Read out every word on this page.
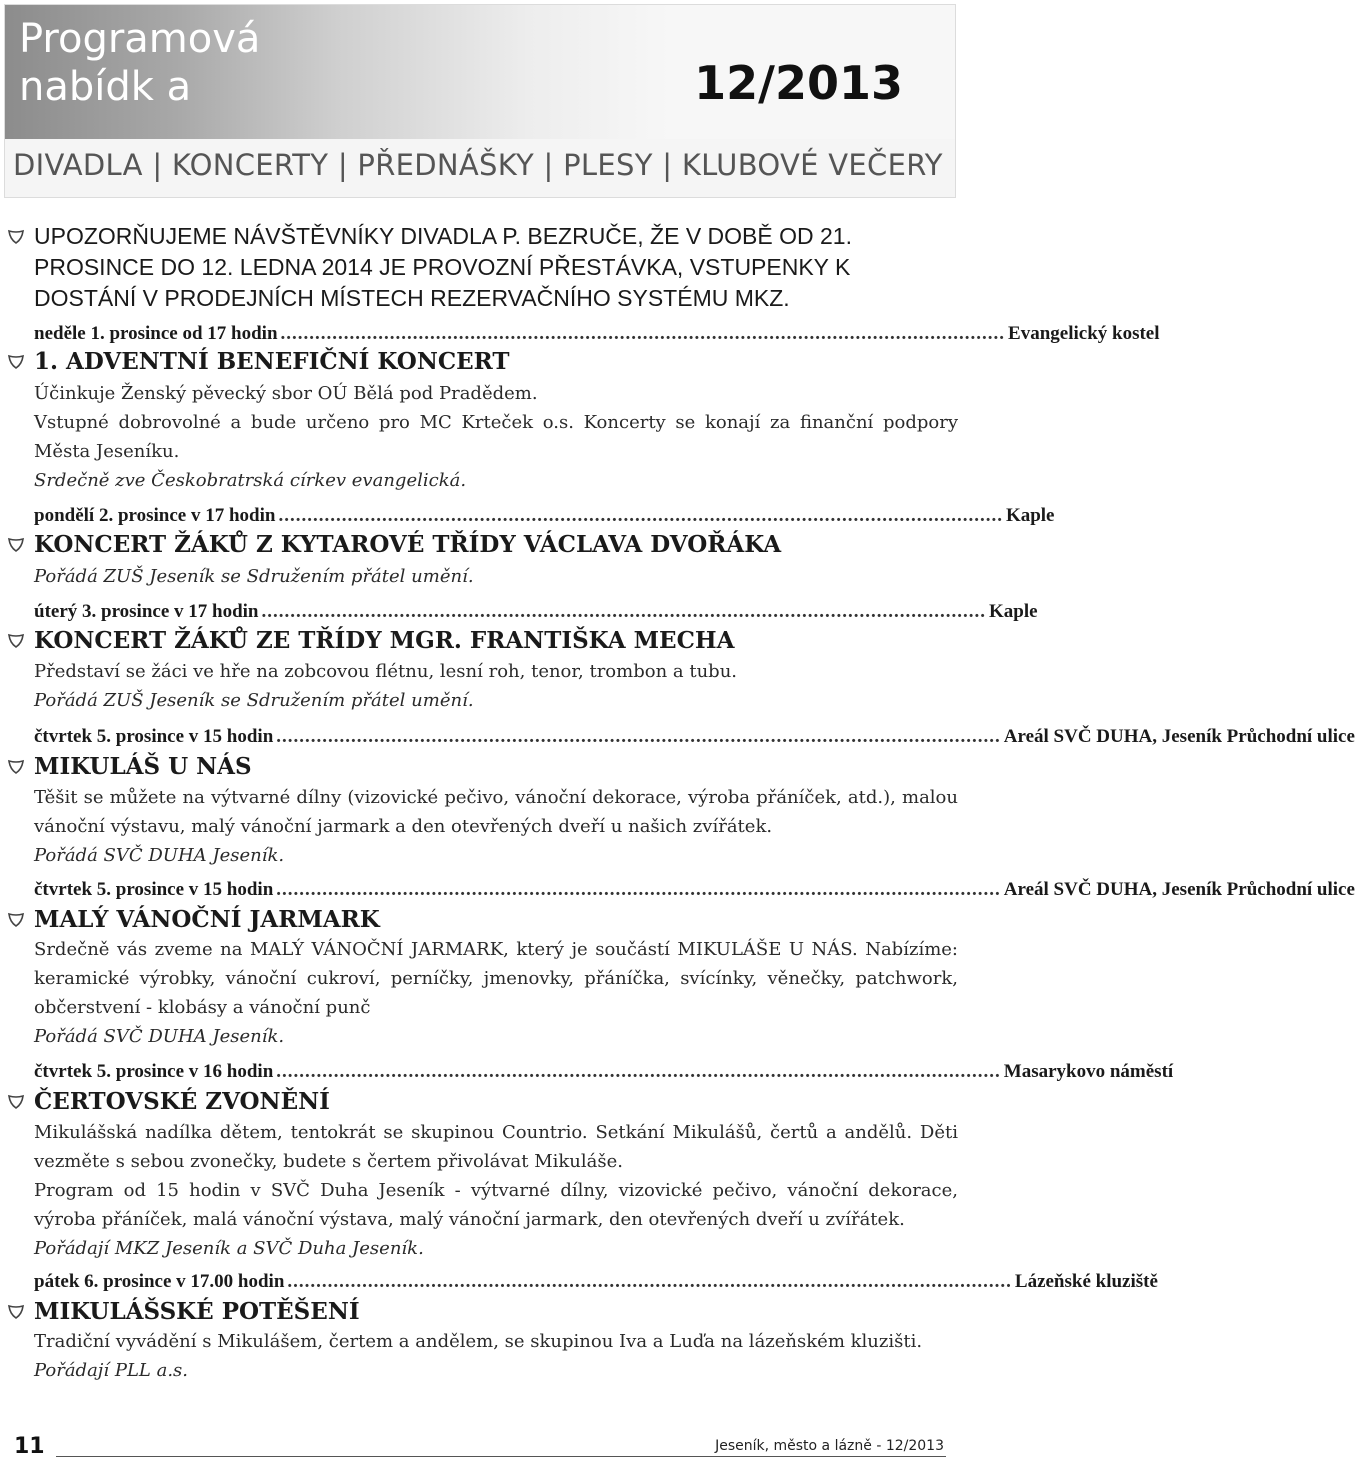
Programová
nabídk a	12/2013
DIVADLA | KONCERTY | PŘEDNÁŠKY | PLESY | KLUBOVÉ VEČERY
UPOZORŇUJEME NÁVŠTĚVNÍKY DIVADLA P. BEZRUČE, ŽE V DOBĚ OD 21. PROSINCE DO 12. LEDNA 2014 JE PROVOZNÍ PŘESTÁVKA, VSTUPENKY K DOSTÁNÍ V PRODEJNÍCH MÍSTECH REZERVAČNÍHO SYSTÉMU MKZ.
neděle 1. prosince od 17 hodin .............................................................................................................................. Evangelický kostel
1. ADVENTNÍ BENEFIČNÍ KONCERT

Účinkuje Ženský pěvecký sbor OÚ Bělá pod Pradědem.

Vstupné dobrovolné a bude určeno pro MC Krteček o.s. Koncerty se konají za finanční podpory Města Jeseníku.

Srdečně zve Českobratrská církev evangelická.

pondělí 2. prosince v 17 hodin .............................................................................................................................. Kaple
KONCERT ŽÁKŮ Z KYTAROVÉ TŘÍDY VÁCLAVA DVOŘÁKA

Pořádá ZUŠ Jeseník se Sdružením přátel umění.

úterý 3. prosince v 17 hodin .............................................................................................................................. Kaple
KONCERT ŽÁKŮ ZE TŘÍDY MGR. FRANTIŠKA MECHA

Představí se žáci ve hře na zobcovou flétnu, lesní roh, tenor, trombon a tubu.

Pořádá ZUŠ Jeseník se Sdružením přátel umění.

čtvrtek 5. prosince v 15 hodin .............................................................................................................................. Areál SVČ DUHA, Jeseník Průchodní ulice
MIKULÁŠ U NÁS

Těšit se můžete na výtvarné dílny (vizovické pečivo, vánoční dekorace, výroba přáníček, atd.), malou vánoční výstavu, malý vánoční jarmark a den otevřených dveří u našich zvířátek.

Pořádá SVČ DUHA Jeseník.

čtvrtek 5. prosince v 15 hodin .............................................................................................................................. Areál SVČ DUHA, Jeseník Průchodní ulice
MALÝ VÁNOČNÍ JARMARK

Srdečně vás zveme na MALÝ VÁNOČNÍ JARMARK, který je součástí MIKULÁŠE U NÁS. Nabízíme: keramické výrobky, vánoční cukroví, perníčky, jmenovky, přáníčka, svícínky, věnečky, patchwork, občerstvení - klobásy a vánoční punč

Pořádá SVČ DUHA Jeseník.

čtvrtek 5. prosince v 16 hodin .............................................................................................................................. Masarykovo náměstí
ČERTOVSKÉ ZVONĚNÍ

Mikulášská nadílka dětem, tentokrát se skupinou Countrio. Setkání Mikulášů, čertů a andělů. Děti vezměte s sebou zvonečky, budete s čertem přivolávat Mikuláše.

Program od 15 hodin v SVČ Duha Jeseník - výtvarné dílny, vizovické pečivo, vánoční dekorace, výroba přáníček, malá vánoční výstava, malý vánoční jarmark, den otevřených dveří u zvířátek.

Pořádají MKZ Jeseník a SVČ Duha Jeseník.

pátek 6. prosince v 17.00 hodin .............................................................................................................................. Lázeňské kluziště
MIKULÁŠSKÉ POTĚŠENÍ

Tradiční vyvádění s Mikulášem, čertem a andělem, se skupinou Iva a Luďa na lázeňském kluzišti.

Pořádají PLL a.s.

11	Jeseník, město a lázně - 12/2013
